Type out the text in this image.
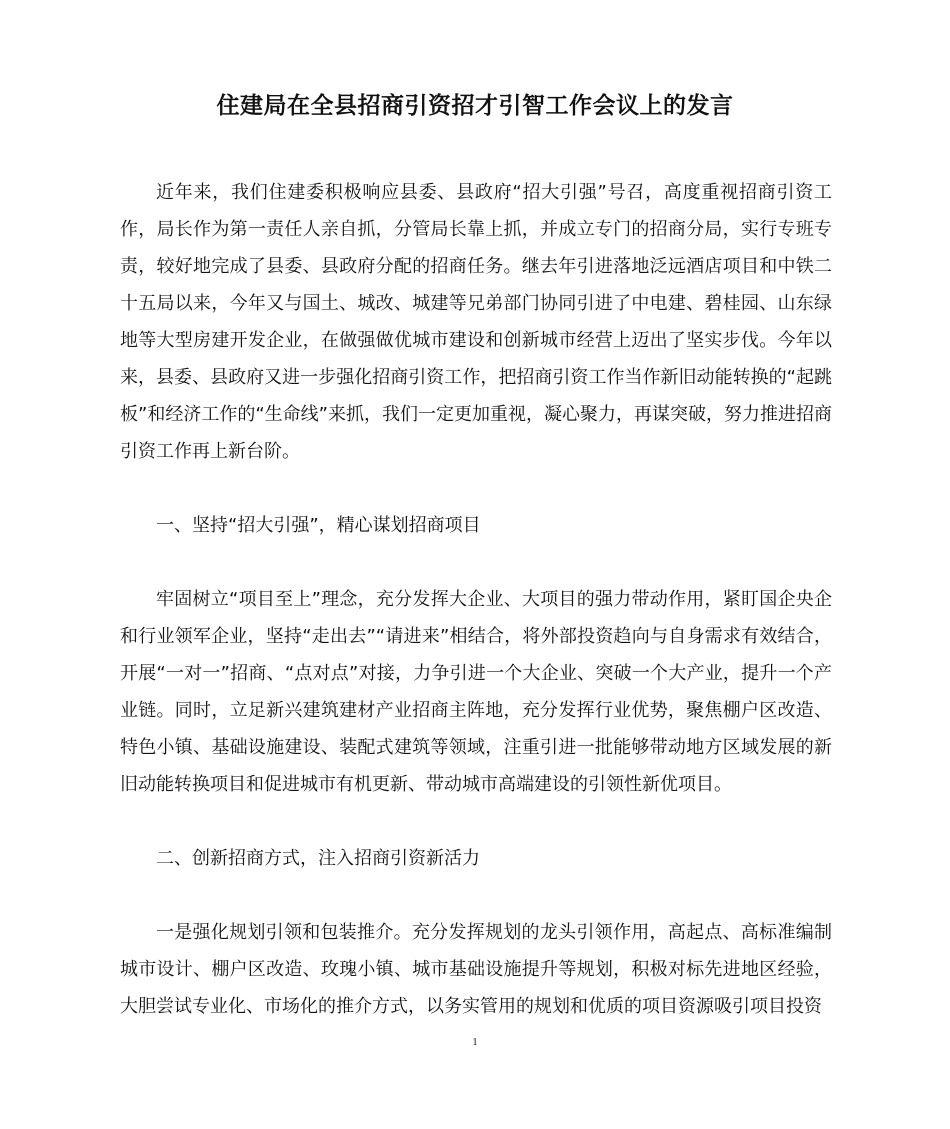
住建局在全县招商引资招才引智工作会议上的发言

近年来，我们住建委积极响应县委、县政府“招大引强”号召，高度重视招商引资工作，局长作为第一责任人亲自抓，分管局长靠上抓，并成立专门的招商分局，实行专班专责，较好地完成了县委、县政府分配的招商任务。继去年引进落地泛远酒店项目和中铁二十五局以来，今年又与国土、城改、城建等兄弟部门协同引进了中电建、碧桂园、山东绿地等大型房建开发企业，在做强做优城市建设和创新城市经营上迈出了坚实步伐。今年以来，县委、县政府又进一步强化招商引资工作，把招商引资工作当作新旧动能转换的“起跳板”和经济工作的“生命线”来抓，我们一定更加重视，凝心聚力，再谋突破，努力推进招商引资工作再上新台阶。

一、坚持“招大引强”，精心谋划招商项目

牢固树立“项目至上”理念，充分发挥大企业、大项目的强力带动作用，紧盯国企央企和行业领军企业，坚持“走出去”“请进来”相结合，将外部投资趋向与自身需求有效结合，开展“一对一”招商、“点对点”对接，力争引进一个大企业、突破一个大产业，提升一个产业链。同时，立足新兴建筑建材产业招商主阵地，充分发挥行业优势，聚焦棚户区改造、特色小镇、基础设施建设、装配式建筑等领域，注重引进一批能够带动地方区域发展的新旧动能转换项目和促进城市有机更新、带动城市高端建设的引领性新优项目。

二、创新招商方式，注入招商引资新活力

一是强化规划引领和包装推介。充分发挥规划的龙头引领作用，高起点、高标准编制城市设计、棚户区改造、玫瑰小镇、城市基础设施提升等规划，积极对标先进地区经验，大胆尝试专业化、市场化的推介方式，以务实管用的规划和优质的项目资源吸引项目投资

1
